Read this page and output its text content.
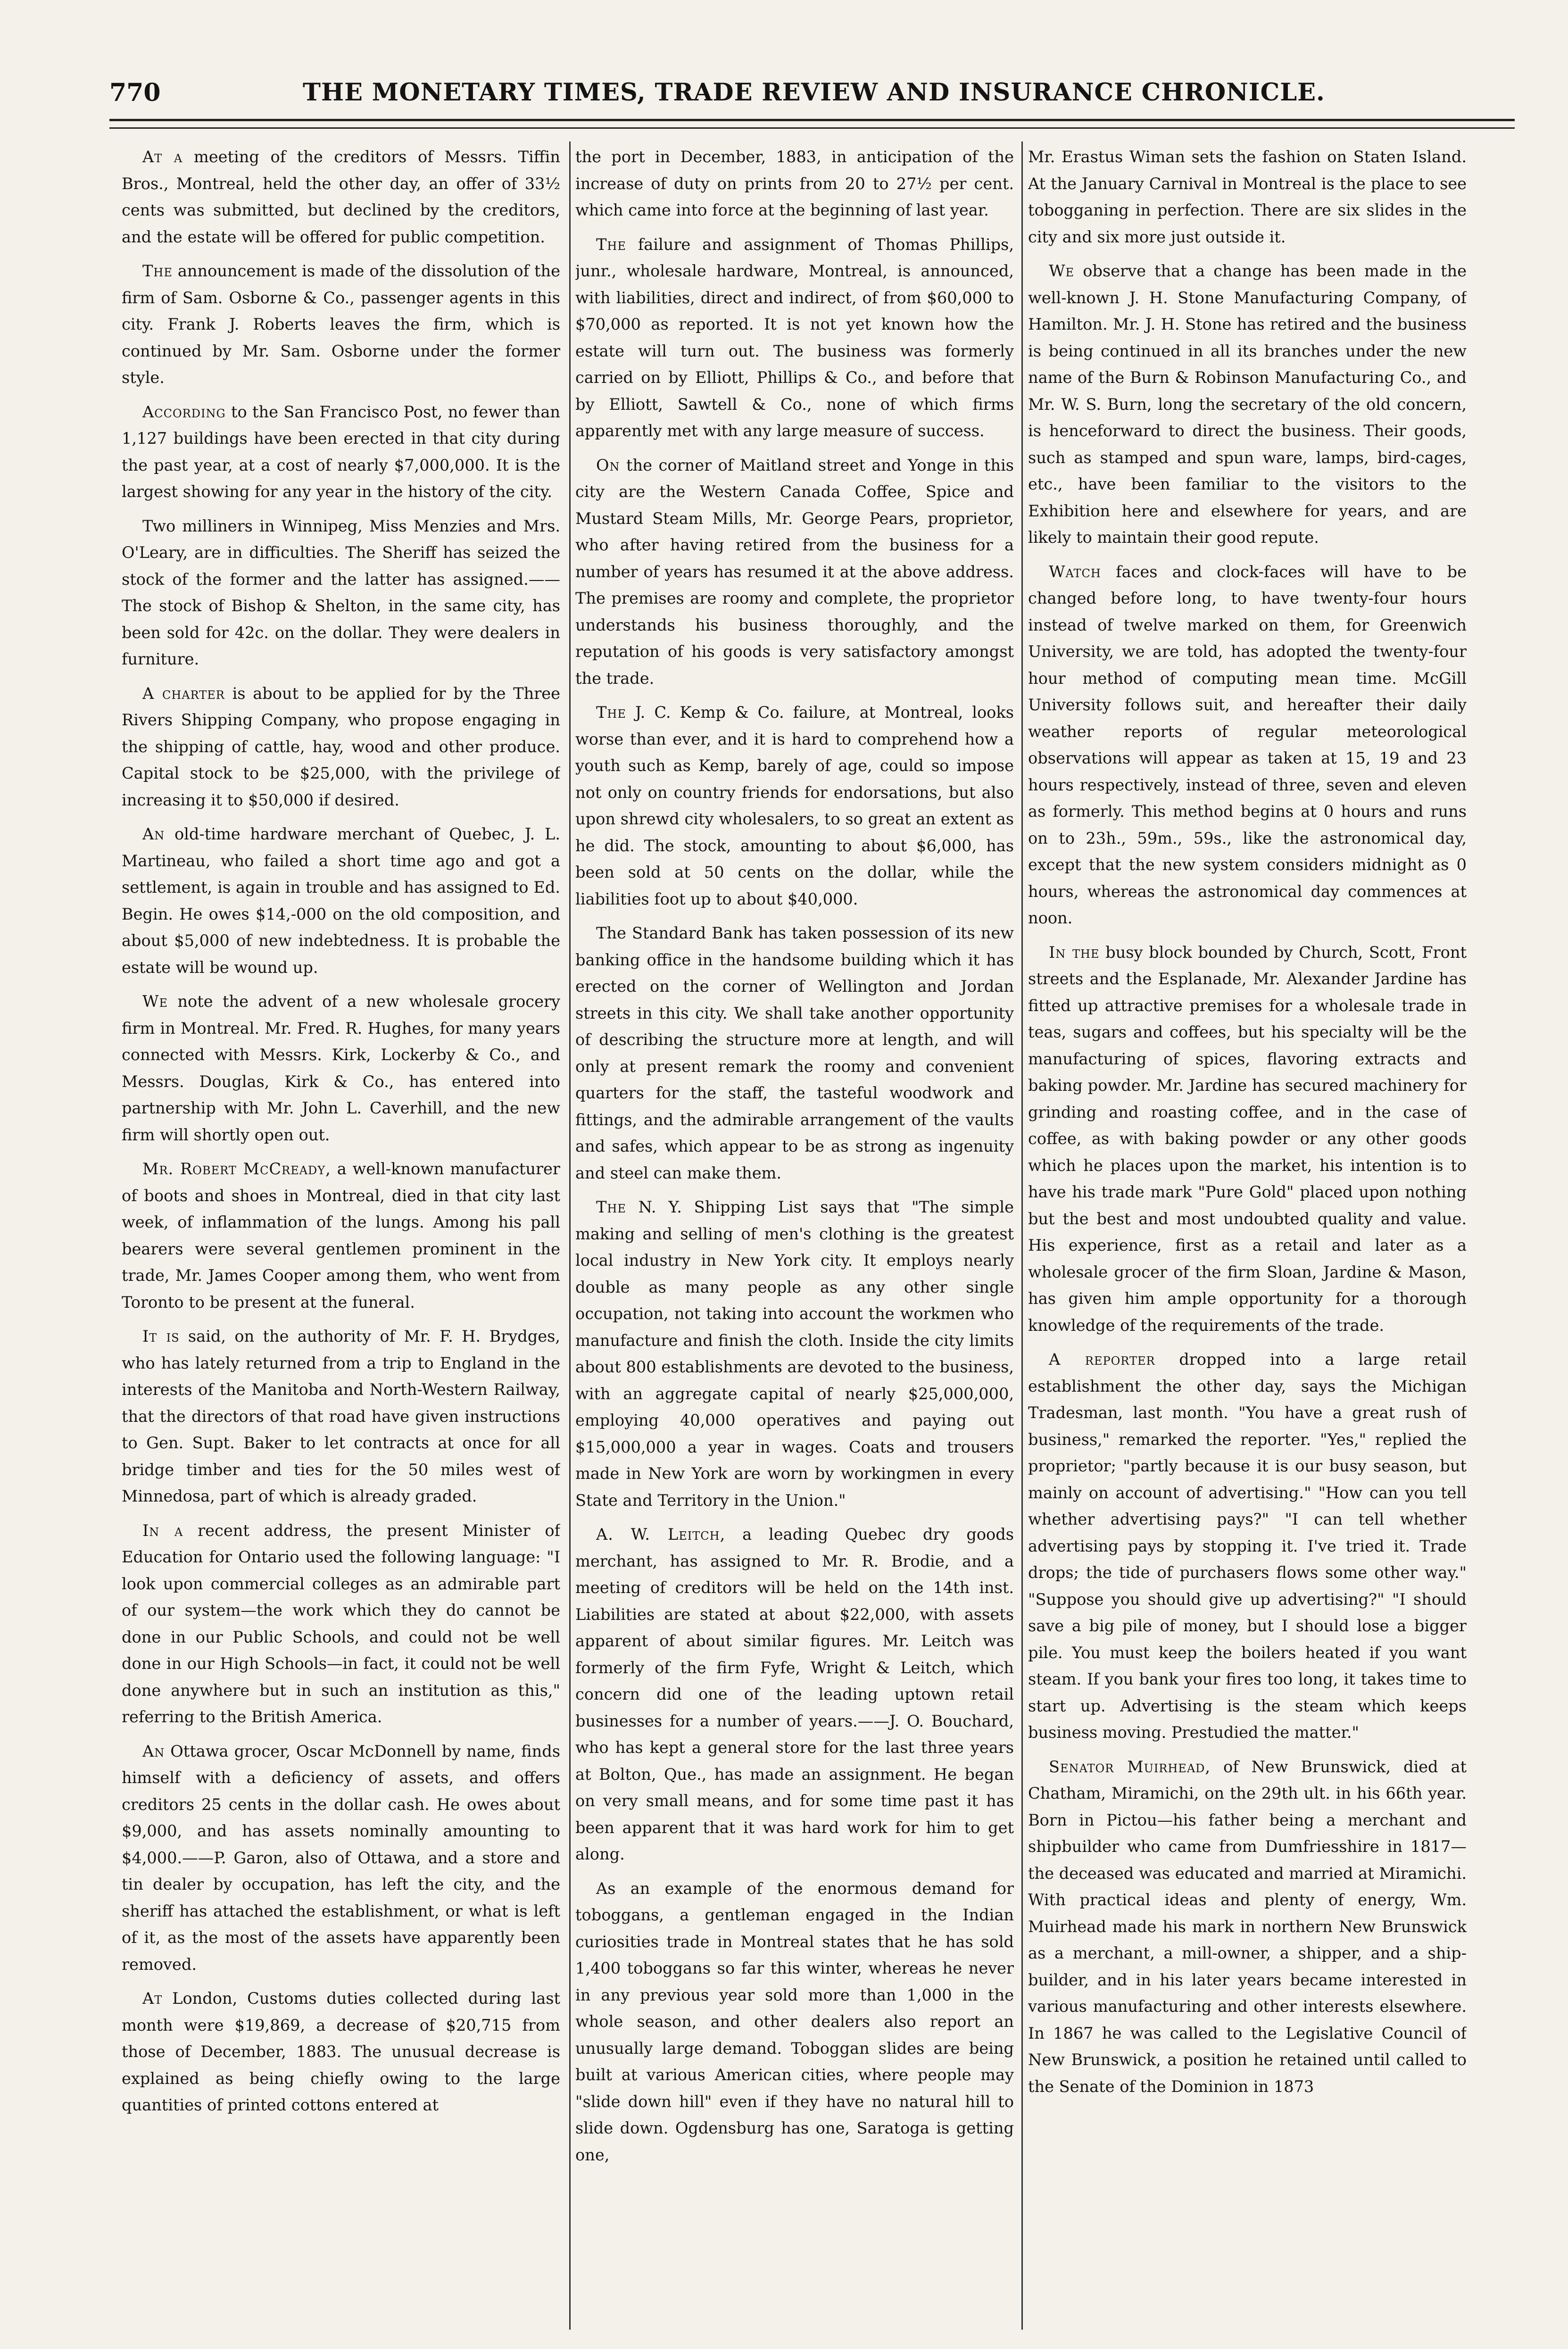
770	THE MONETARY TIMES, TRADE REVIEW AND INSURANCE CHRONICLE.

At a meeting of the creditors of Messrs. Tiffin Bros., Montreal, held the other day, an offer of 33½ cents was submitted, but declined by the creditors, and the estate will be offered for public competition.

The announcement is made of the dissolution of the firm of Sam. Osborne & Co., passenger agents in this city. Frank J. Roberts leaves the firm, which is continued by Mr. Sam. Osborne under the former style.

According to the San Francisco Post, no fewer than 1,127 buildings have been erected in that city during the past year, at a cost of nearly $7,000,000. It is the largest showing for any year in the history of the city.

Two milliners in Winnipeg, Miss Menzies and Mrs. O'Leary, are in difficulties. The Sheriff has seized the stock of the former and the latter has assigned.——The stock of Bishop & Shelton, in the same city, has been sold for 42c. on the dollar. They were dealers in furniture.

A charter is about to be applied for by the Three Rivers Shipping Company, who propose engaging in the shipping of cattle, hay, wood and other produce. Capital stock to be $25,000, with the privilege of increasing it to $50,000 if desired.

An old-time hardware merchant of Quebec, J. L. Martineau, who failed a short time ago and got a settlement, is again in trouble and has assigned to Ed. Begin. He owes $14,-000 on the old composition, and about $5,000 of new indebtedness. It is probable the estate will be wound up.

We note the advent of a new wholesale grocery firm in Montreal. Mr. Fred. R. Hughes, for many years connected with Messrs. Kirk, Lockerby & Co., and Messrs. Douglas, Kirk & Co., has entered into partnership with Mr. John L. Caverhill, and the new firm will shortly open out.

Mr. Robert McCready, a well-known manufacturer of boots and shoes in Montreal, died in that city last week, of inflammation of the lungs. Among his pall bearers were several gentlemen prominent in the trade, Mr. James Cooper among them, who went from Toronto to be present at the funeral.

It is said, on the authority of Mr. F. H. Brydges, who has lately returned from a trip to England in the interests of the Manitoba and North-Western Railway, that the directors of that road have given instructions to Gen. Supt. Baker to let contracts at once for all bridge timber and ties for the 50 miles west of Minnedosa, part of which is already graded.

In a recent address, the present Minister of Education for Ontario used the following language: "I look upon commercial colleges as an admirable part of our system—the work which they do cannot be done in our Public Schools, and could not be well done in our High Schools—in fact, it could not be well done anywhere but in such an institution as this," referring to the British America.

An Ottawa grocer, Oscar McDonnell by name, finds himself with a deficiency of assets, and offers creditors 25 cents in the dollar cash. He owes about $9,000, and has assets nominally amounting to $4,000.——P. Garon, also of Ottawa, and a store and tin dealer by occupation, has left the city, and the sheriff has attached the establishment, or what is left of it, as the most of the assets have apparently been removed.

At London, Customs duties collected during last month were $19,869, a decrease of $20,715 from those of December, 1883. The unusual decrease is explained as being chiefly owing to the large quantities of printed cottons entered at

the port in December, 1883, in anticipation of the increase of duty on prints from 20 to 27½ per cent. which came into force at the beginning of last year.

The failure and assignment of Thomas Phillips, junr., wholesale hardware, Montreal, is announced, with liabilities, direct and indirect, of from $60,000 to $70,000 as reported. It is not yet known how the estate will turn out. The business was formerly carried on by Elliott, Phillips & Co., and before that by Elliott, Sawtell & Co., none of which firms apparently met with any large measure of success.

On the corner of Maitland street and Yonge in this city are the Western Canada Coffee, Spice and Mustard Steam Mills, Mr. George Pears, proprietor, who after having retired from the business for a number of years has resumed it at the above address. The premises are roomy and complete, the proprietor understands his business thoroughly, and the reputation of his goods is very satisfactory amongst the trade.

The J. C. Kemp & Co. failure, at Montreal, looks worse than ever, and it is hard to comprehend how a youth such as Kemp, barely of age, could so impose not only on country friends for endorsations, but also upon shrewd city wholesalers, to so great an extent as he did. The stock, amounting to about $6,000, has been sold at 50 cents on the dollar, while the liabilities foot up to about $40,000.

The Standard Bank has taken possession of its new banking office in the handsome building which it has erected on the corner of Wellington and Jordan streets in this city. We shall take another opportunity of describing the structure more at length, and will only at present remark the roomy and convenient quarters for the staff, the tasteful woodwork and fittings, and the admirable arrangement of the vaults and safes, which appear to be as strong as ingenuity and steel can make them.

The N. Y. Shipping List says that "The simple making and selling of men's clothing is the greatest local industry in New York city. It employs nearly double as many people as any other single occupation, not taking into account the workmen who manufacture and finish the cloth. Inside the city limits about 800 establishments are devoted to the business, with an aggregate capital of nearly $25,000,000, employing 40,000 operatives and paying out $15,000,000 a year in wages. Coats and trousers made in New York are worn by workingmen in every State and Territory in the Union."

A. W. Leitch, a leading Quebec dry goods merchant, has assigned to Mr. R. Brodie, and a meeting of creditors will be held on the 14th inst. Liabilities are stated at about $22,000, with assets apparent of about similar figures. Mr. Leitch was formerly of the firm Fyfe, Wright & Leitch, which concern did one of the leading uptown retail businesses for a number of years.——J. O. Bouchard, who has kept a general store for the last three years at Bolton, Que., has made an assignment. He began on very small means, and for some time past it has been apparent that it was hard work for him to get along.

As an example of the enormous demand for toboggans, a gentleman engaged in the Indian curiosities trade in Montreal states that he has sold 1,400 toboggans so far this winter, whereas he never in any previous year sold more than 1,000 in the whole season, and other dealers also report an unusually large demand. Toboggan slides are being built at various American cities, where people may "slide down hill" even if they have no natural hill to slide down. Ogdensburg has one, Saratoga is getting one,

Mr. Erastus Wiman sets the fashion on Staten Island. At the January Carnival in Montreal is the place to see tobogganing in perfection. There are six slides in the city and six more just outside it.

We observe that a change has been made in the well-known J. H. Stone Manufacturing Company, of Hamilton. Mr. J. H. Stone has retired and the business is being continued in all its branches under the new name of the Burn & Robinson Manufacturing Co., and Mr. W. S. Burn, long the secretary of the old concern, is henceforward to direct the business. Their goods, such as stamped and spun ware, lamps, bird-cages, etc., have been familiar to the visitors to the Exhibition here and elsewhere for years, and are likely to maintain their good repute.

Watch faces and clock-faces will have to be changed before long, to have twenty-four hours instead of twelve marked on them, for Greenwich University, we are told, has adopted the twenty-four hour method of computing mean time. McGill University follows suit, and hereafter their daily weather reports of regular meteorological observations will appear as taken at 15, 19 and 23 hours respectively, instead of three, seven and eleven as formerly. This method begins at 0 hours and runs on to 23h., 59m., 59s., like the astronomical day, except that the new system considers midnight as 0 hours, whereas the astronomical day commences at noon.

In the busy block bounded by Church, Scott, Front streets and the Esplanade, Mr. Alexander Jardine has fitted up attractive premises for a wholesale trade in teas, sugars and coffees, but his specialty will be the manufacturing of spices, flavoring extracts and baking powder. Mr. Jardine has secured machinery for grinding and roasting coffee, and in the case of coffee, as with baking powder or any other goods which he places upon the market, his intention is to have his trade mark "Pure Gold" placed upon nothing but the best and most undoubted quality and value. His experience, first as a retail and later as a wholesale grocer of the firm Sloan, Jardine & Mason, has given him ample opportunity for a thorough knowledge of the requirements of the trade.

A reporter dropped into a large retail establishment the other day, says the Michigan Tradesman, last month. "You have a great rush of business," remarked the reporter. "Yes," replied the proprietor; "partly because it is our busy season, but mainly on account of advertising." "How can you tell whether advertising pays?" "I can tell whether advertising pays by stopping it. I've tried it. Trade drops; the tide of purchasers flows some other way." "Suppose you should give up advertising?" "I should save a big pile of money, but I should lose a bigger pile. You must keep the boilers heated if you want steam. If you bank your fires too long, it takes time to start up. Advertising is the steam which keeps business moving. Prestudied the matter."

Senator Muirhead, of New Brunswick, died at Chatham, Miramichi, on the 29th ult. in his 66th year. Born in Pictou—his father being a merchant and shipbuilder who came from Dumfriesshire in 1817—the deceased was educated and married at Miramichi. With practical ideas and plenty of energy, Wm. Muirhead made his mark in northern New Brunswick as a merchant, a mill-owner, a shipper, and a ship-builder, and in his later years became interested in various manufacturing and other interests elsewhere. In 1867 he was called to the Legislative Council of New Brunswick, a position he retained until called to the Senate of the Dominion in 1873
